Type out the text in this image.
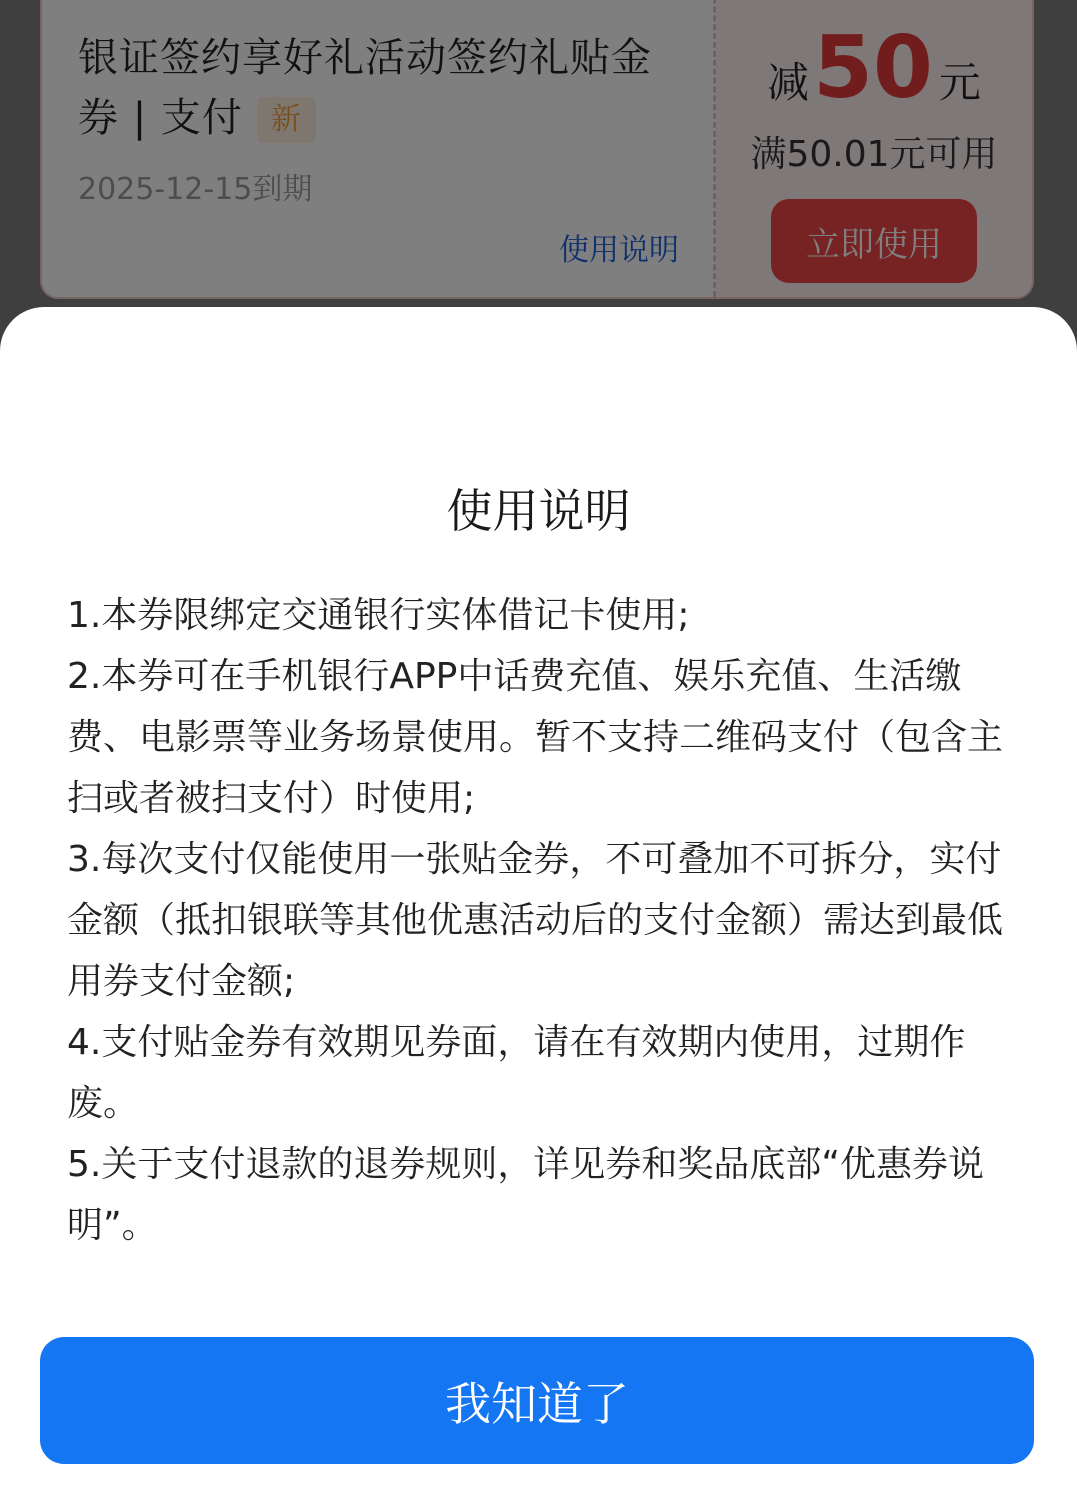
使用说明

1.本券限绑定交通银行实体借记卡使用;

2.本券可在手机银行APP中话费充值、娱乐充值、生活缴费、电影票等业务场景使用。暂不支持二维码支付（包含主扫或者被扫支付）时使用;

3.每次支付仅能使用一张贴金券，不可叠加不可拆分，实付金额（抵扣银联等其他优惠活动后的支付金额）需达到最低用券支付金额;

4.支付贴金券有效期见券面，请在有效期内使用，过期作废。

5.关于支付退款的退券规则，详见券和奖品底部“优惠券说明”。

我知道了
